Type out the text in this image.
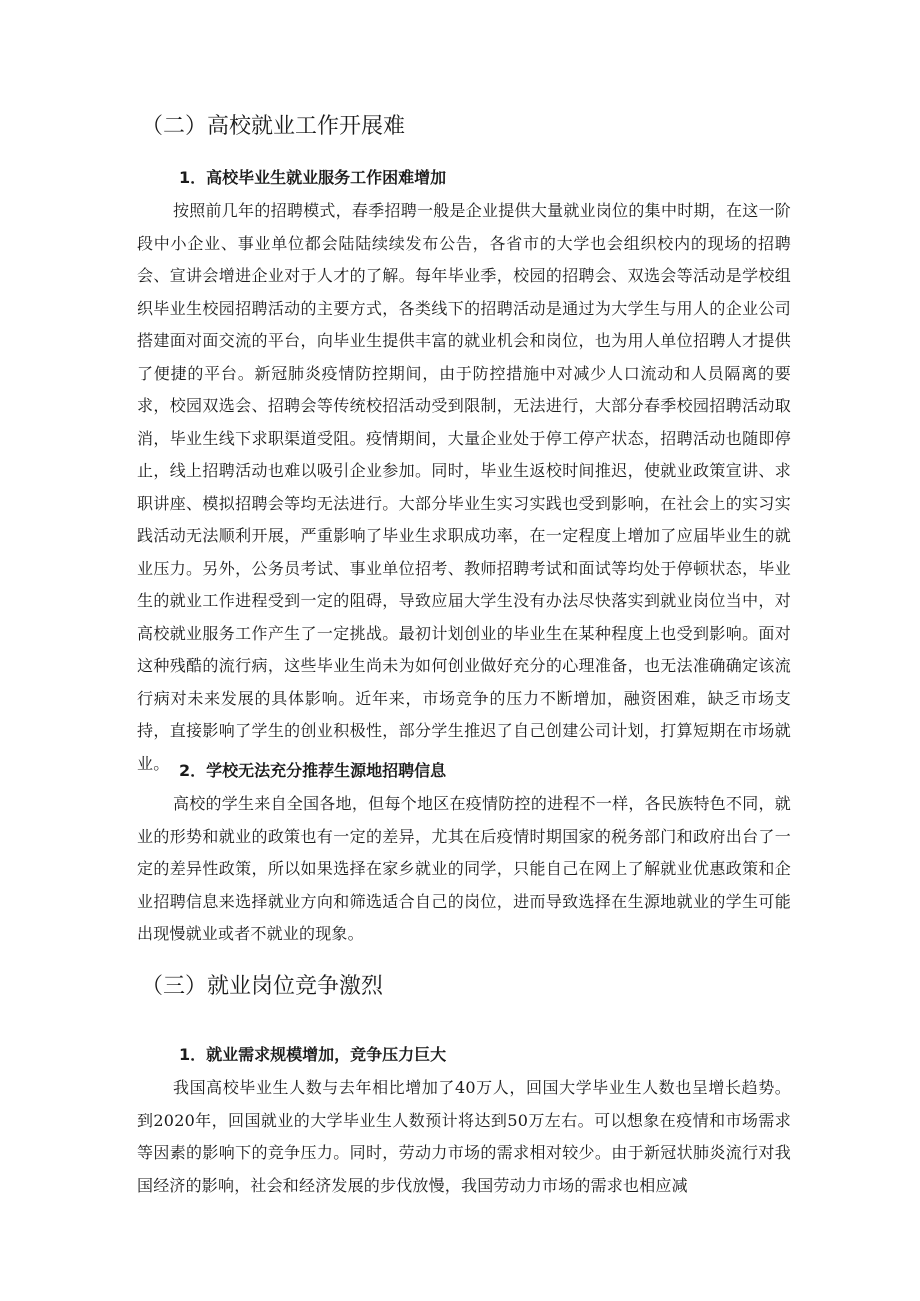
（二）高校就业工作开展难
1．高校毕业生就业服务工作困难增加

按照前几年的招聘模式，春季招聘一般是企业提供大量就业岗位的集中时期，在这一阶段中小企业、事业单位都会陆陆续续发布公告，各省市的大学也会组织校内的现场的招聘会、宣讲会增进企业对于人才的了解。每年毕业季，校园的招聘会、双选会等活动是学校组织毕业生校园招聘活动的主要方式，各类线下的招聘活动是通过为大学生与用人的企业公司搭建面对面交流的平台，向毕业生提供丰富的就业机会和岗位，也为用人单位招聘人才提供了便捷的平台。新冠肺炎疫情防控期间，由于防控措施中对减少人口流动和人员隔离的要求，校园双选会、招聘会等传统校招活动受到限制，无法进行，大部分春季校园招聘活动取消，毕业生线下求职渠道受阻。疫情期间，大量企业处于停工停产状态，招聘活动也随即停止，线上招聘活动也难以吸引企业参加。同时，毕业生返校时间推迟，使就业政策宣讲、求职讲座、模拟招聘会等均无法进行。大部分毕业生实习实践也受到影响，在社会上的实习实践活动无法顺利开展，严重影响了毕业生求职成功率，在一定程度上增加了应届毕业生的就业压力。另外，公务员考试、事业单位招考、教师招聘考试和面试等均处于停顿状态，毕业生的就业工作进程受到一定的阻碍，导致应届大学生没有办法尽快落实到就业岗位当中，对高校就业服务工作产生了一定挑战。最初计划创业的毕业生在某种程度上也受到影响。面对这种残酷的流行病，这些毕业生尚未为如何创业做好充分的心理准备，也无法准确确定该流行病对未来发展的具体影响。近年来，市场竞争的压力不断增加，融资困难，缺乏市场支持，直接影响了学生的创业积极性，部分学生推迟了自己创建公司计划，打算短期在市场就业。 2．学校无法充分推荐生源地招聘信息

高校的学生来自全国各地，但每个地区在疫情防控的进程不一样，各民族特色不同，就业的形势和就业的政策也有一定的差异，尤其在后疫情时期国家的税务部门和政府出台了一定的差异性政策，所以如果选择在家乡就业的同学，只能自己在网上了解就业优惠政策和企业招聘信息来选择就业方向和筛选适合自己的岗位，进而导致选择在生源地就业的学生可能出现慢就业或者不就业的现象。

（三）就业岗位竞争激烈
1．就业需求规模增加，竞争压力巨大

我国高校毕业生人数与去年相比增加了40万人，回国大学毕业生人数也呈增长趋势。到2020年，回国就业的大学毕业生人数预计将达到50万左右。可以想象在疫情和市场需求等因素的影响下的竞争压力。同时，劳动力市场的需求相对较少。由于新冠状肺炎流行对我国经济的影响，社会和经济发展的步伐放慢，我国劳动力市场的需求也相应减
